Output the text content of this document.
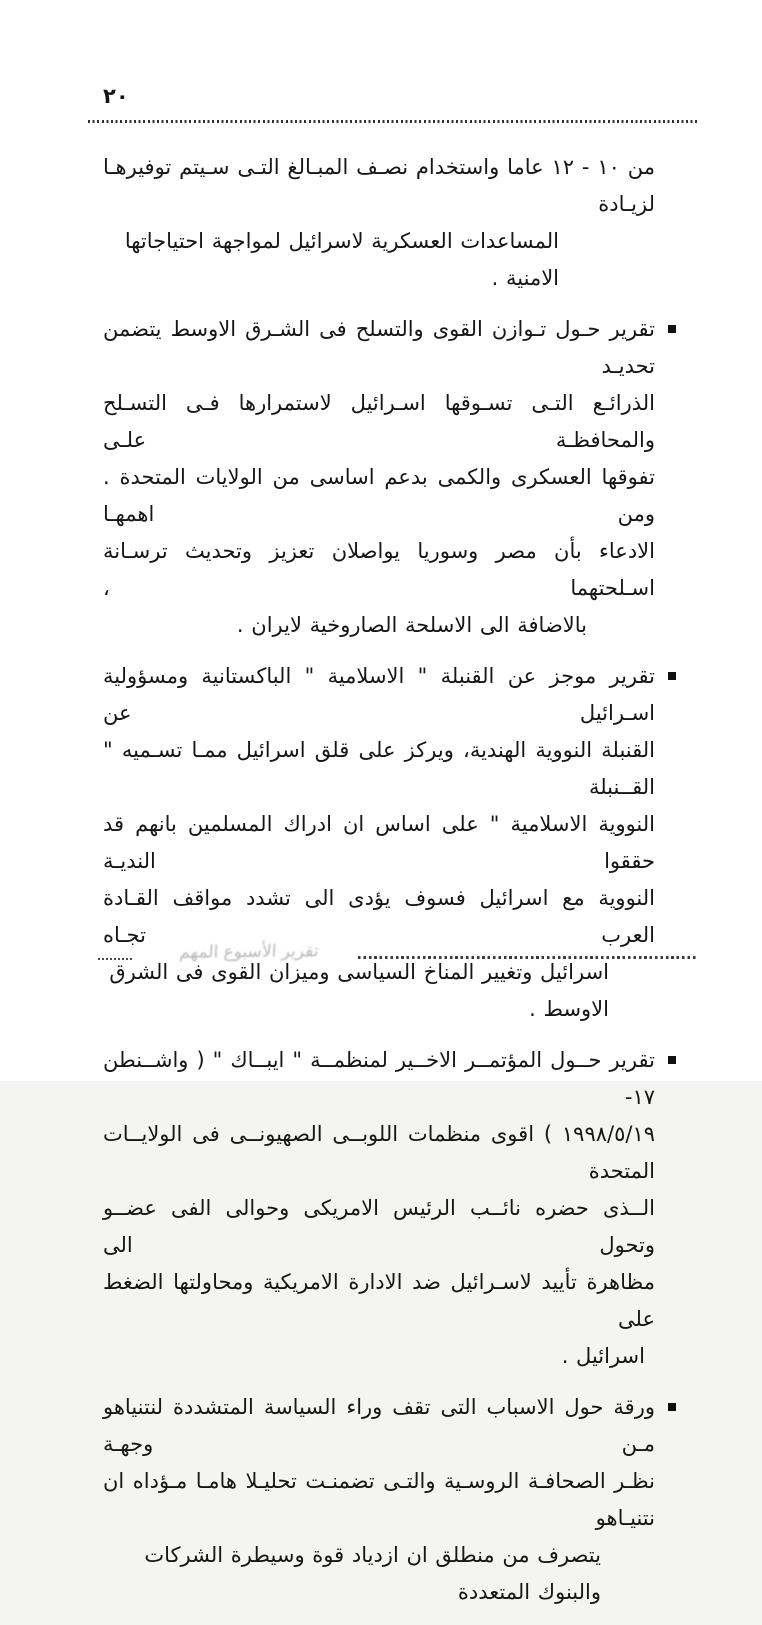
٢٠
من ١٠ - ١٢ عاما واستخدام نصـف المبـالغ التـى سـيتم توفيرهـا لزيـادة
المساعدات العسكرية لاسرائيل لمواجهة احتياجاتها الامنية .
تقرير حـول تـوازن القوى والتسلح فى الشـرق الاوسط يتضمن تحديـد
الذرائـع التـى تسـوقها اسـرائيل لاستمرارها فـى التسـلح والمحافظـة علـى
تفوقها العسكرى والكمى بدعم اساسى من الولايات المتحدة . ومن اهمهـا
الادعاء بأن مصر وسوريا يواصلان تعزيز وتحديث ترسـانة اسـلحتهما ،
بالاضافة الى الاسلحة الصاروخية لايران .
تقرير موجز عن القنبلة " الاسلامية " الباكستانية ومسؤولية اسـرائيل عن
القنبلة النووية الهندية، ويركز على قلق اسرائيل ممـا تسـميه " القــنبلة
النووية الاسلامية " على اساس ان ادراك المسلمين بانهم قد حققوا النديـة
النووية مع اسرائيل فسوف يؤدى الى تشدد مواقف القـادة العرب تجـاه
اسرائيل وتغيير المناخ السياسى وميزان القوى فى الشرق الاوسط .
تقرير حــول المؤتمــر الاخــير لمنظمــة " ايبــاك " ( واشــنطن ١٧-
١٩٩٨/٥/١٩ ) اقوى منظمات اللوبــى الصهيونــى فى الولايــات المتحدة
الــذى حضره نائــب الرئيس الامريكى وحوالى الفى عضــو وتحول الى
مظاهرة تأييد لاسـرائيل ضد الادارة الامريكية ومحاولتها الضغط على
اسرائيل .
ورقة حول الاسباب التى تقف وراء السياسة المتشددة لنتنياهو مـن وجهـة
نظـر الصحافـة الروسـية والتـى تضمنـت تحليـلا هامـا مـؤداه ان نتنيـاهو
يتصرف من منطلق ان ازدياد قوة وسيطرة الشركات والبنوك المتعددة
تقرير الأسبوع المهم
